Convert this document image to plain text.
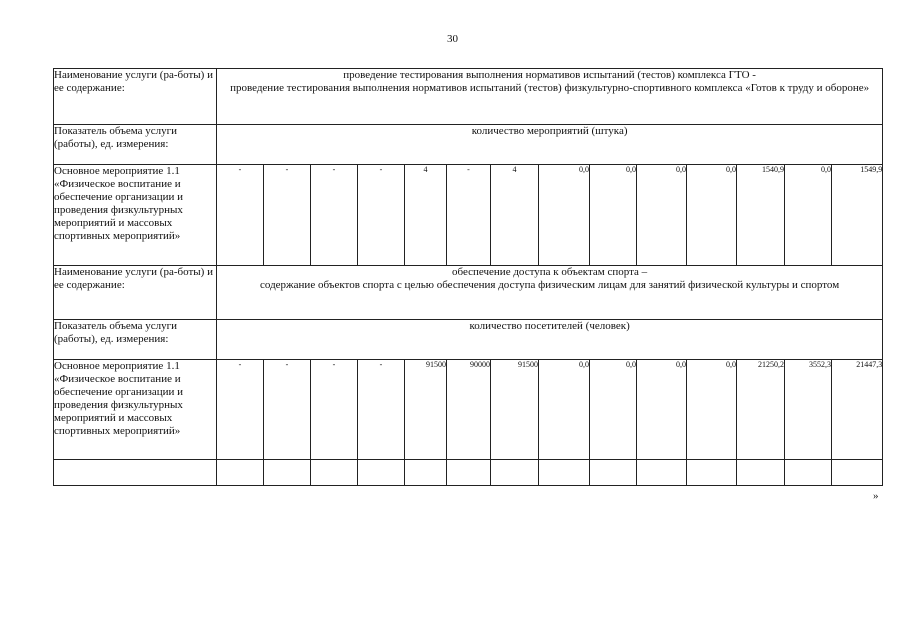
30
Наименование услуги (ра-боты) и ее содержание:	проведение тестирования выполнения нормативов испытаний (тестов) комплекса ГТО -
проведение тестирования выполнения нормативов испытаний (тестов) физкультурно-спортивного комплекса «Готов к труду и обороне»													

Показатель объема услуги (работы), ед. измерения:	количество мероприятий (штука)													
Основное мероприятие 1.1 «Физическое воспитание и обеспечение организации и проведения физкультурных мероприятий и массовых спортивных мероприятий»	-	-	-	-	4	-	4	0,0	0,0	0,0	0,0	1540,9	0,0	1549,9
Наименование услуги (ра-боты) и ее содержание:	обеспечение доступа к объектам спорта –
содержание объектов спорта с целью обеспечения доступа физическим лицам для занятий физической культуры и спортом													

Показатель объема услуги (работы), ед. измерения:	количество посетителей (человек)													
Основное мероприятие 1.1 «Физическое воспитание и обеспечение организации и проведения физкультурных мероприятий и массовых спортивных мероприятий»	-	-	-	-	91500	90000	91500	0,0	0,0	0,0	0,0	21250,2	3552,3	21447,3

»
